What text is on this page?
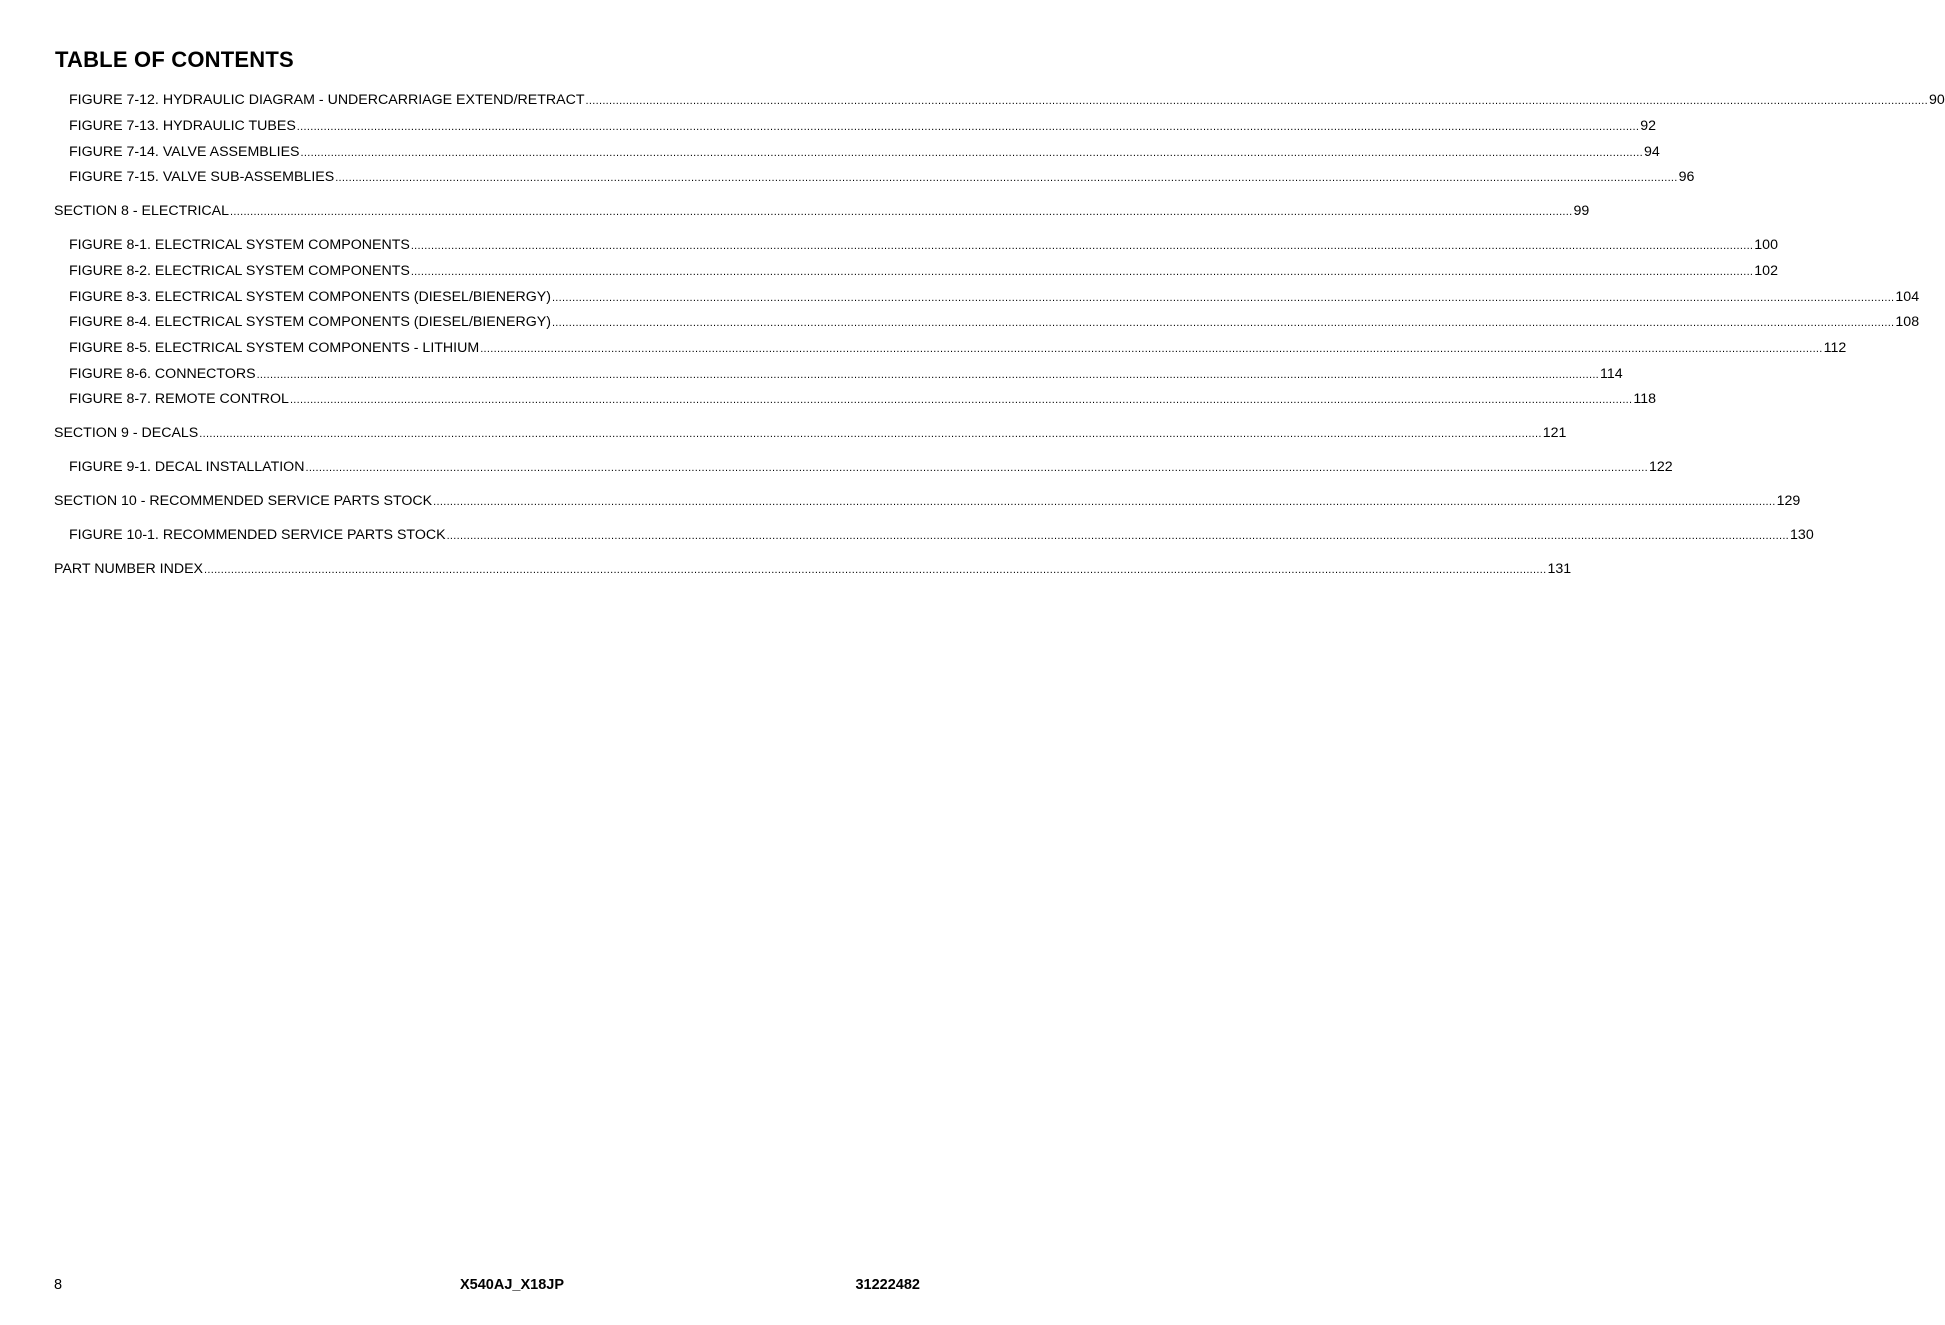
TABLE OF CONTENTS
FIGURE 7-12. HYDRAULIC DIAGRAM - UNDERCARRIAGE EXTEND/RETRACT ................................................................................................................................................................................................................................................................................................................................................................................................................ 90
FIGURE 7-13. HYDRAULIC TUBES ................................................................................................................................................................................................................................................................................................................................................................................................................ 92
FIGURE 7-14. VALVE ASSEMBLIES ................................................................................................................................................................................................................................................................................................................................................................................................................ 94
FIGURE 7-15. VALVE SUB-ASSEMBLIES ................................................................................................................................................................................................................................................................................................................................................................................................................ 96
SECTION 8 - ELECTRICAL ................................................................................................................................................................................................................................................................................................................................................................................................................ 99
FIGURE 8-1. ELECTRICAL SYSTEM COMPONENTS ................................................................................................................................................................................................................................................................................................................................................................................................................ 100
FIGURE 8-2. ELECTRICAL SYSTEM COMPONENTS ................................................................................................................................................................................................................................................................................................................................................................................................................ 102
FIGURE 8-3. ELECTRICAL SYSTEM COMPONENTS (DIESEL/BIENERGY) ................................................................................................................................................................................................................................................................................................................................................................................................................ 104
FIGURE 8-4. ELECTRICAL SYSTEM COMPONENTS (DIESEL/BIENERGY) ................................................................................................................................................................................................................................................................................................................................................................................................................ 108
FIGURE 8-5. ELECTRICAL SYSTEM COMPONENTS - LITHIUM ................................................................................................................................................................................................................................................................................................................................................................................................................ 112
FIGURE 8-6. CONNECTORS ................................................................................................................................................................................................................................................................................................................................................................................................................ 114
FIGURE 8-7. REMOTE CONTROL ................................................................................................................................................................................................................................................................................................................................................................................................................ 118
SECTION 9 - DECALS ................................................................................................................................................................................................................................................................................................................................................................................................................ 121
FIGURE 9-1. DECAL INSTALLATION ................................................................................................................................................................................................................................................................................................................................................................................................................ 122
SECTION 10 - RECOMMENDED SERVICE PARTS STOCK ................................................................................................................................................................................................................................................................................................................................................................................................................ 129
FIGURE 10-1. RECOMMENDED SERVICE PARTS STOCK ................................................................................................................................................................................................................................................................................................................................................................................................................ 130
PART NUMBER INDEX ................................................................................................................................................................................................................................................................................................................................................................................................................ 131
8	X540AJ_X18JP	31222482
